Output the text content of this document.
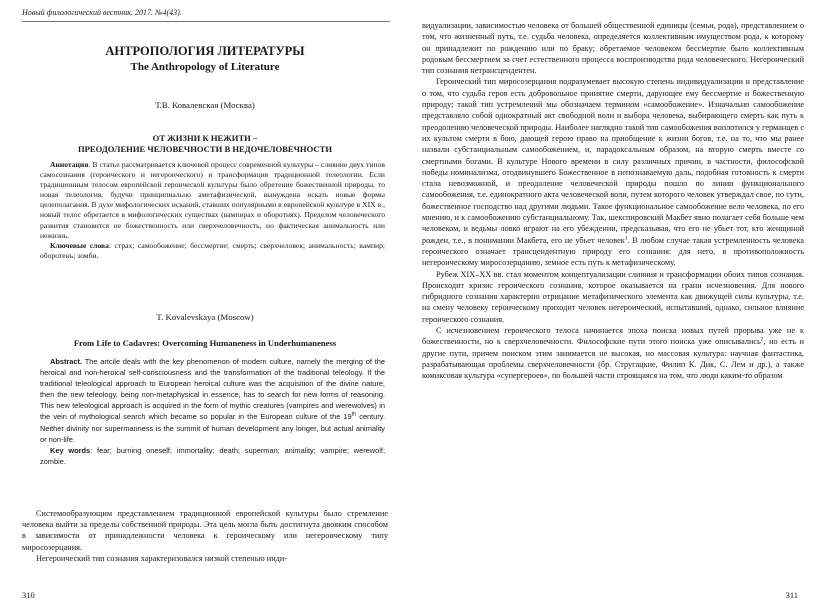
Новый филологический вестник. 2017. №4(43).
АНТРОПОЛОГИЯ ЛИТЕРАТУРЫ
The Anthropology of Literature
Т.В. Ковалевская (Москва)
ОТ ЖИЗНИ К НЕЖИТИ –
ПРЕОДОЛЕНИЕ ЧЕЛОВЕЧНОСТИ В НЕДОЧЕЛОВЕЧНОСТИ

Аннотация. В статье рассматривается ключевой процесс современной культуры – слияние двух типов самосознания (героического и негероического) и трансформация традиционной телеологии. Если традиционным телосом европейской героической культуры было обретение божественной природы, то новая телеология, будучи принципиально аметафизической, вынуждена искать новые формы целеполагания. В духе мифологических исканий, ставших популярными в европейской культуре в XIX в., новый телос обретается в мифологических существах (вампирах и оборотнях). Пределом человеческого развития становится не божественность или сверхчеловечность, но фактическая анимальность или нежизнь.

Ключевые слова: страх; самообожение; бессмертие; смерть; сверхчеловек; анимальность; вампир; оборотень; зомби.

T. Kovalevskaya (Moscow)
From Life to Cadavres: Overcoming Humaneness in Underhumaneness

Abstract. The artcile deals with the key phenomenon of modern culture, namely the merging of the heroical and non-heroical self-consciousness and the transformation of the traditional teleology. If the traditional teleological approach to European heroical culture was the acquisition of the divine nature, then the new teleology, being non-metaphysical in essence, has to search for new forms of reasoning. This new teleological approach is acquired in the form of mythic creatures (vampires and werewolves) in the vein of mythological search which became so popular in the European culture of the 19th century. Neither divinity nor supermanness is the summit of human development any longer, but actual animality or non-life.

Key words: fear; burning oneself; immortality; death; superman; animality; vampire; werewolf; zombie.

Системообразующим представлением традиционной европейской культуры было стремление человека выйти за пределы собственной природы. Эта цель могла быть достигнута двояким способом в зависимости от принадлежности человека к героическому или негероическому типу миросозерцания.

Негероический тип сознания характеризовался низкой степенью инди-

310

видуализации, зависимостью человека от большей общественной единицы (семьи, рода), представлением о том, что жизненный путь, т.е. судьба человека, определяется коллективным имуществом рода, к которому он принадлежит по рождению или по браку; обретаемое человеком бессмертие было коллективным родовым бессмертием за счет естественного процесса воспроизводства рода человеческого. Негероический тип сознания нетрансцендентен.

Героический тип миросозерцания подразумевает высокую степень индивидуализации и представление о том, что судьба героя есть добровольное принятие смерти, дарующее ему бессмертие и божественную природу; такой тип устремлений мы обозначаем термином «самообожение». Изначально самообожение представляло собой однократный акт свободной воли и выбора человека, выбирающего смерть как путь к преодолению человеческой природы. Наиболее наглядно такой тип самообожения воплотился у германцев с их культом смерти в бою, дающей герою право на приобщение к жизни богов, т.е. на то, что мы ранее назвали субстанциальным самообожением, и, парадоксальным образом, на вторую смерть вместе со смертными богами. В культуре Нового времени в силу различных причин, в частности, философской победы номинализма, отодвинувшего Божественное в непознаваемую даль, подобная готовность к смерти стала невозможной, и преодоление человеческой природы пошло по линии функционального самообожения, т.е. единократного акта человеческой воли, путем которого человек утверждал свое, по сути, божественное господство над другими людьми. Такое функциональное самообожение вело человека, по его мнению, и к самообожению субстанциальному. Так, шекспировский Макбет явно полагает себя больше чем человеком, и ведьмы ловко играют на его убеждении, предсказывая, что его не убьет тот, кто женщиной рожден, т.е., в понимании Макбета, его не убьет человек$^1$. В любом случае такая устремленность человека героического означает трансцендентную природу его сознания: для него, в противоположность негероическому миросозерцанию, земное есть путь к метафизическому.

Рубеж XIX–XX вв. стал моментом концептуализации слияния и трансформации обоих типов сознания. Происходит кризис героического сознания, которое оказывается на грани исчезновения. Для нового гибридного сознания характерно отрицание метафизического элемента как движущей силы культуры, т.е. на смену человеку героическому приходит человек негероический, испытавший, однако, сильное влияние героического сознания.

С исчезновением героического телоса начинается эпоха поиска новых путей прорыва уже не к божественности, но к сверхчеловечности. Философские пути этого поиска уже описывались$^2$, но есть и другие пути, причем поиском этим занимается не высокая, но массовая культура: научная фантастика, разрабатывающая проблемы сверхчеловечности (бр. Стругацкие, Филип К. Дик, С. Лем и др.), а также комиксовая культура «супергероев», по большей части строящаяся на том, что люди каким-то образом

311
